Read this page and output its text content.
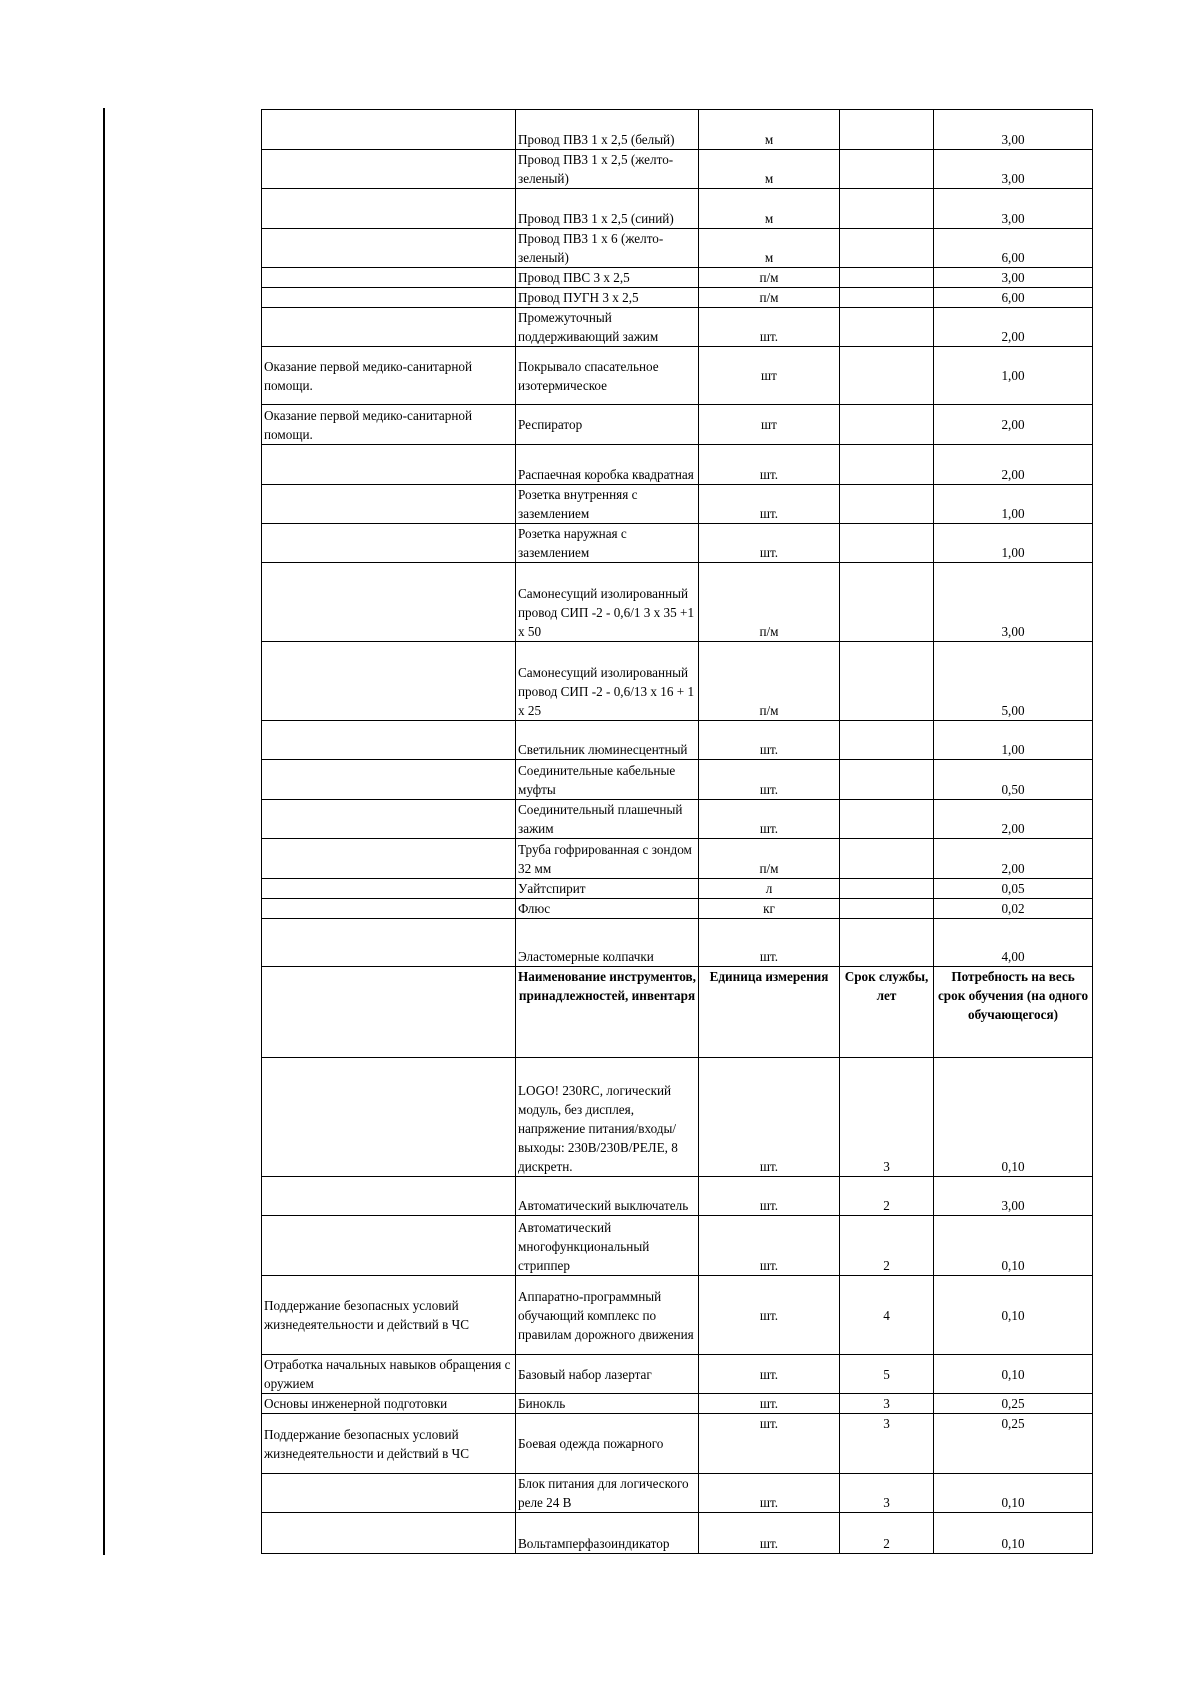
	Провод ПВ3 1 х 2,5 (белый)	м		3,00
	Провод ПВ3 1 х 2,5 (желто-зеленый)	м		3,00
	Провод ПВ3 1 х 2,5 (синий)	м		3,00
	Провод ПВ3 1 х 6 (желто-зеленый)	м		6,00
	Провод ПВС 3 х 2,5	п/м		3,00
	Провод ПУГН 3 х 2,5	п/м		6,00
	Промежуточный поддерживающий зажим	шт.		2,00
Оказание первой медико-санитарной помощи.	Покрывало спасательное изотермическое	шт		1,00
Оказание первой медико-санитарной помощи.	Респиратор	шт		2,00
	Распаечная коробка квадратная	шт.		2,00
	Розетка внутренняя с заземлением	шт.		1,00
	Розетка наружная с заземлением	шт.		1,00
	Самонесущий изолированный провод СИП -2 - 0,6/1 3 х 35 +1 х 50	п/м		3,00
	Самонесущий изолированный провод СИП -2 - 0,6/13 х 16 + 1 х 25	п/м		5,00
	Светильник люминесцентный	шт.		1,00
	Соединительные кабельные муфты	шт.		0,50
	Соединительный плашечный зажим	шт.		2,00
	Труба гофрированная с зондом 32 мм	п/м		2,00
	Уайтспирит	л		0,05
	Флюс	кг		0,02
	Эластомерные колпачки	шт.		4,00
	Наименование инструментов, принадлежностей, инвентаря	Единица измерения	Срок службы, лет	Потребность на весь срок обучения (на одного обучающегося)
	LOGO! 230RC, логический модуль, без дисплея, напряжение питания/входы/выходы: 230В/230В/РЕЛЕ, 8 дискретн.	шт.	3	0,10
	Автоматический выключатель	шт.	2	3,00
	Автоматический многофункциональный стриппер	шт.	2	0,10
Поддержание безопасных условий жизнедеятельности и действий в ЧС	Аппаратно-программный обучающий комплекс по правилам дорожного движения	шт.	4	0,10
Отработка начальных навыков обращения с оружием	Базовый набор лазертаг	шт.	5	0,10
Основы инженерной подготовки	Бинокль	шт.	3	0,25
Поддержание безопасных условий жизнедеятельности и действий в ЧС	Боевая одежда пожарного	шт.	3	0,25
	Блок питания для логического реле 24 В	шт.	3	0,10
	Вольтамперфазоиндикатор	шт.	2	0,10
